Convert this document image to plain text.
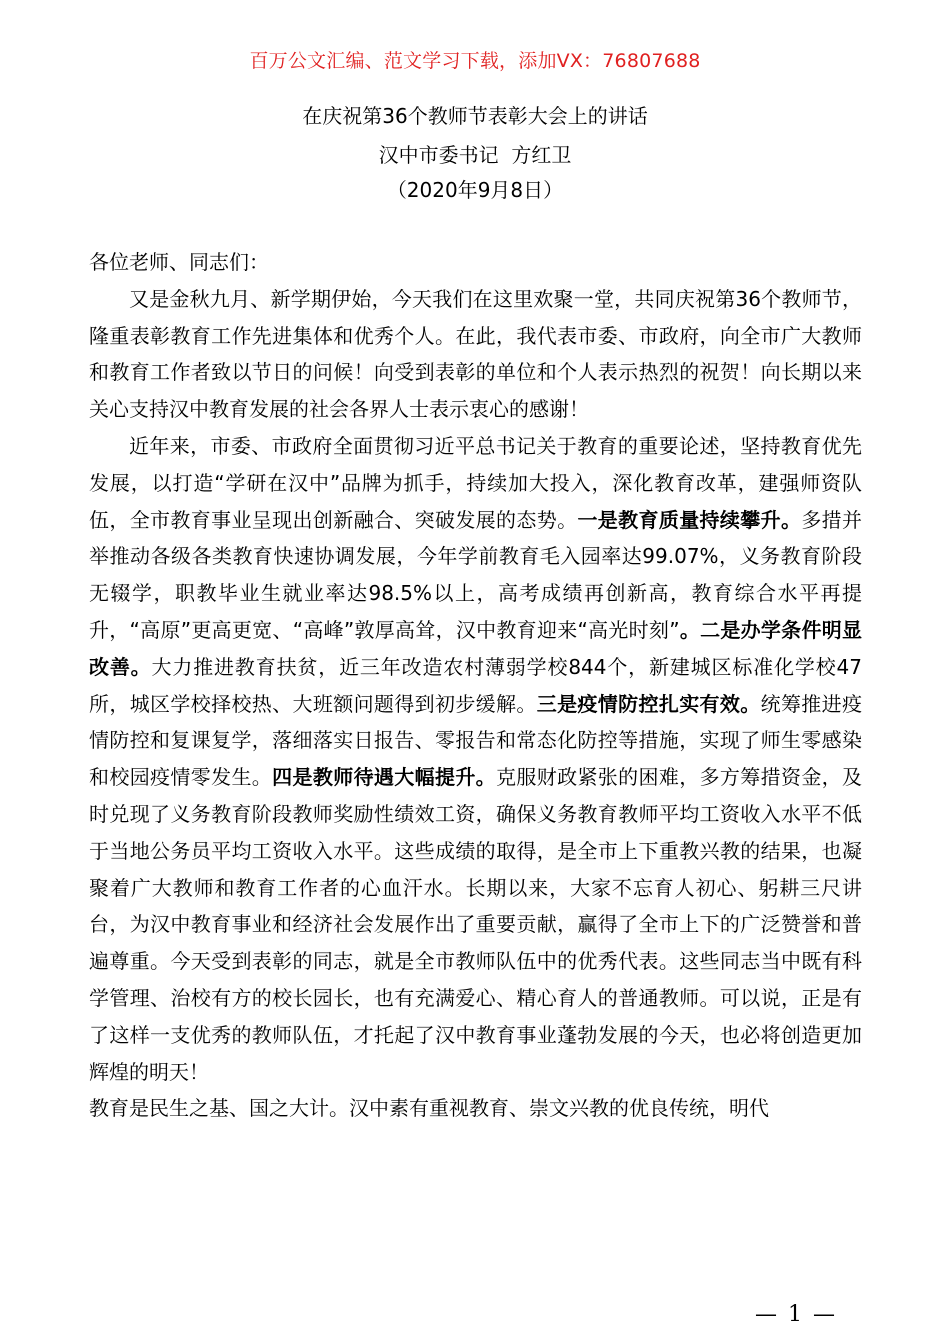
百万公文汇编、范文学习下载，添加VX：76807688
在庆祝第36个教师节表彰大会上的讲话
汉中市委书记  方红卫
（2020年9月8日）

各位老师、同志们：

又是金秋九月、新学期伊始，今天我们在这里欢聚一堂，共同庆祝第36个教师节，隆重表彰教育工作先进集体和优秀个人。在此，我代表市委、市政府，向全市广大教师和教育工作者致以节日的问候！向受到表彰的单位和个人表示热烈的祝贺！向长期以来关心支持汉中教育发展的社会各界人士表示衷心的感谢！

近年来，市委、市政府全面贯彻习近平总书记关于教育的重要论述，坚持教育优先发展，以打造“学研在汉中”品牌为抓手，持续加大投入，深化教育改革，建强师资队伍，全市教育事业呈现出创新融合、突破发展的态势。一是教育质量持续攀升。多措并举推动各级各类教育快速协调发展，今年学前教育毛入园率达99.07%，义务教育阶段无辍学，职教毕业生就业率达98.5%以上，高考成绩再创新高，教育综合水平再提升，“高原”更高更宽、“高峰”敦厚高耸，汉中教育迎来“高光时刻”。二是办学条件明显改善。大力推进教育扶贫，近三年改造农村薄弱学校844个，新建城区标准化学校47所，城区学校择校热、大班额问题得到初步缓解。三是疫情防控扎实有效。统筹推进疫情防控和复课复学，落细落实日报告、零报告和常态化防控等措施，实现了师生零感染和校园疫情零发生。四是教师待遇大幅提升。克服财政紧张的困难，多方筹措资金，及时兑现了义务教育阶段教师奖励性绩效工资，确保义务教育教师平均工资收入水平不低于当地公务员平均工资收入水平。这些成绩的取得，是全市上下重教兴教的结果，也凝聚着广大教师和教育工作者的心血汗水。长期以来，大家不忘育人初心、躬耕三尺讲台，为汉中教育事业和经济社会发展作出了重要贡献，赢得了全市上下的广泛赞誉和普遍尊重。今天受到表彰的同志，就是全市教师队伍中的优秀代表。这些同志当中既有科学管理、治校有方的校长园长，也有充满爱心、精心育人的普通教师。可以说，正是有了这样一支优秀的教师队伍，才托起了汉中教育事业蓬勃发展的今天，也必将创造更加辉煌的明天！

教育是民生之基、国之大计。汉中素有重视教育、崇文兴教的优良传统，明代

— 1 —
